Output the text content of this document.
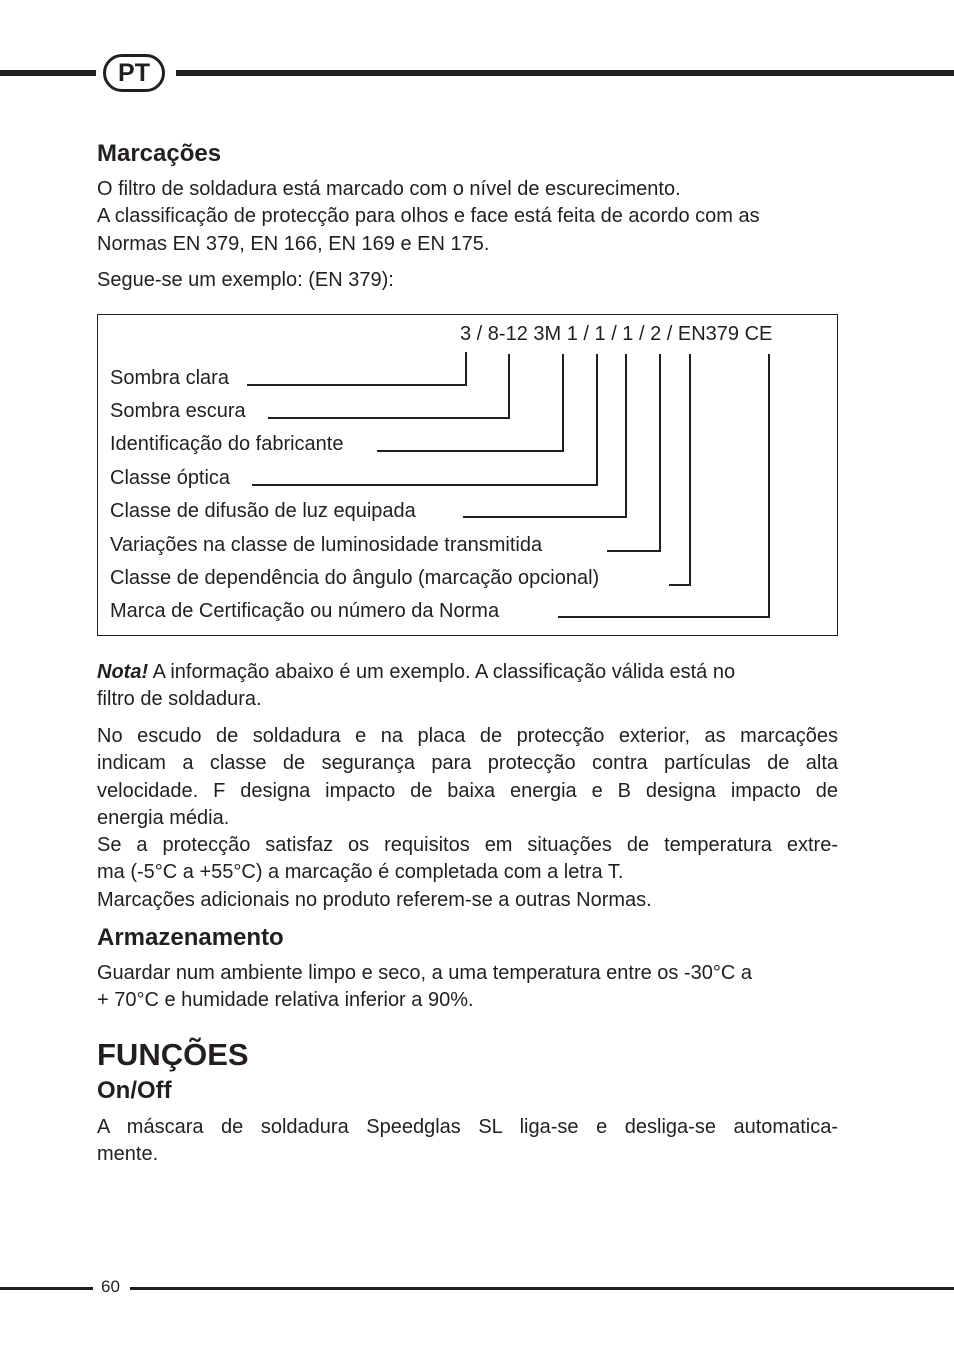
PT
Marcações

O filtro de soldadura está marcado com o nível de escurecimento.
A classificação de protecção para olhos e face está feita de acordo com as
Normas EN 379, EN 166, EN 169 e EN 175.

Segue-se um exemplo: (EN 379):

3 / 8-12 3M 1 / 1 / 1 / 2 / EN379 CE
Sombra clara
Sombra escura
Identificação do fabricante
Classe óptica
Classe de difusão de luz equipada
Variações na classe de luminosidade transmitida
Classe de dependência do ângulo (marcação opcional)
Marca de Certificação ou número da Norma

Nota! A informação abaixo é um exemplo. A classificação válida está no
filtro de soldadura.

No escudo de soldadura e na placa de protecção exterior, as marcações
indicam a classe de segurança para protecção contra partículas de alta
velocidade. F designa impacto de baixa energia e B designa impacto de
energia média.
Se a protecção satisfaz os requisitos em situações de temperatura extre-
ma (-5°C a +55°C) a marcação é completada com a letra T.
Marcações adicionais no produto referem-se a outras Normas.

Armazenamento

Guardar num ambiente limpo e seco, a uma temperatura entre os -30°C a
+ 70°C e humidade relativa inferior a 90%.

FUNÇÕES
On/Off

A máscara de soldadura Speedglas SL liga-se e desliga-se automatica-
mente.

60
